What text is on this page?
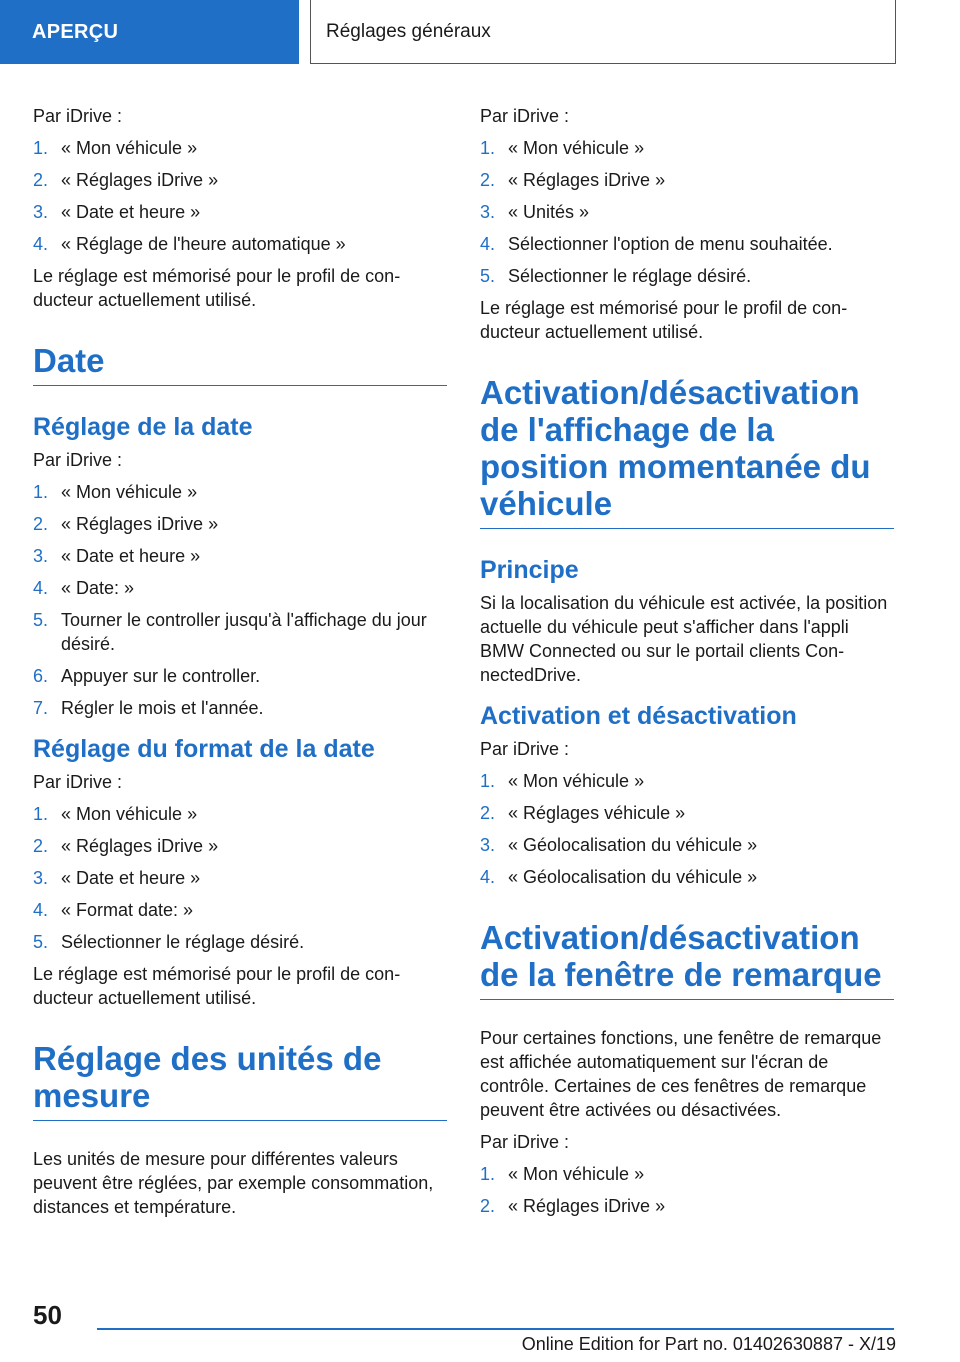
APERÇU	Réglages généraux

Par iDrive :

1. « Mon véhicule »
2. « Réglages iDrive »
3. « Date et heure »
4. « Réglage de l'heure automatique »

Le réglage est mémorisé pour le profil de conducteur actuellement utilisé.

Date
Réglage de la date

Par iDrive :

1. « Mon véhicule »
2. « Réglages iDrive »
3. « Date et heure »
4. « Date: »
5. Tourner le controller jusqu'à l'affichage du jour désiré.
6. Appuyer sur le controller.
7. Régler le mois et l'année.
Réglage du format de la date

Par iDrive :

1. « Mon véhicule »
2. « Réglages iDrive »
3. « Date et heure »
4. « Format date: »
5. Sélectionner le réglage désiré.

Le réglage est mémorisé pour le profil de conducteur actuellement utilisé.

Réglage des unités de mesure

Les unités de mesure pour différentes valeurs peuvent être réglées, par exemple consommation, distances et température.

Par iDrive :

1. « Mon véhicule »
2. « Réglages iDrive »
3. « Unités »
4. Sélectionner l'option de menu souhaitée.
5. Sélectionner le réglage désiré.

Le réglage est mémorisé pour le profil de conducteur actuellement utilisé.

Activation/désactivation de l'affichage de la position momentanée du véhicule
Principe

Si la localisation du véhicule est activée, la position actuelle du véhicule peut s'afficher dans l'appli BMW Connected ou sur le portail clients ConnectedDrive.

Activation et désactivation

Par iDrive :

1. « Mon véhicule »
2. « Réglages véhicule »
3. « Géolocalisation du véhicule »
4. « Géolocalisation du véhicule »
Activation/désactivation de la fenêtre de remarque

Pour certaines fonctions, une fenêtre de remarque est affichée automatiquement sur l'écran de contrôle. Certaines de ces fenêtres de remarque peuvent être activées ou désactivées.

Par iDrive :

1. « Mon véhicule »
2. « Réglages iDrive »
50
Online Edition for Part no. 01402630887 - X/19
